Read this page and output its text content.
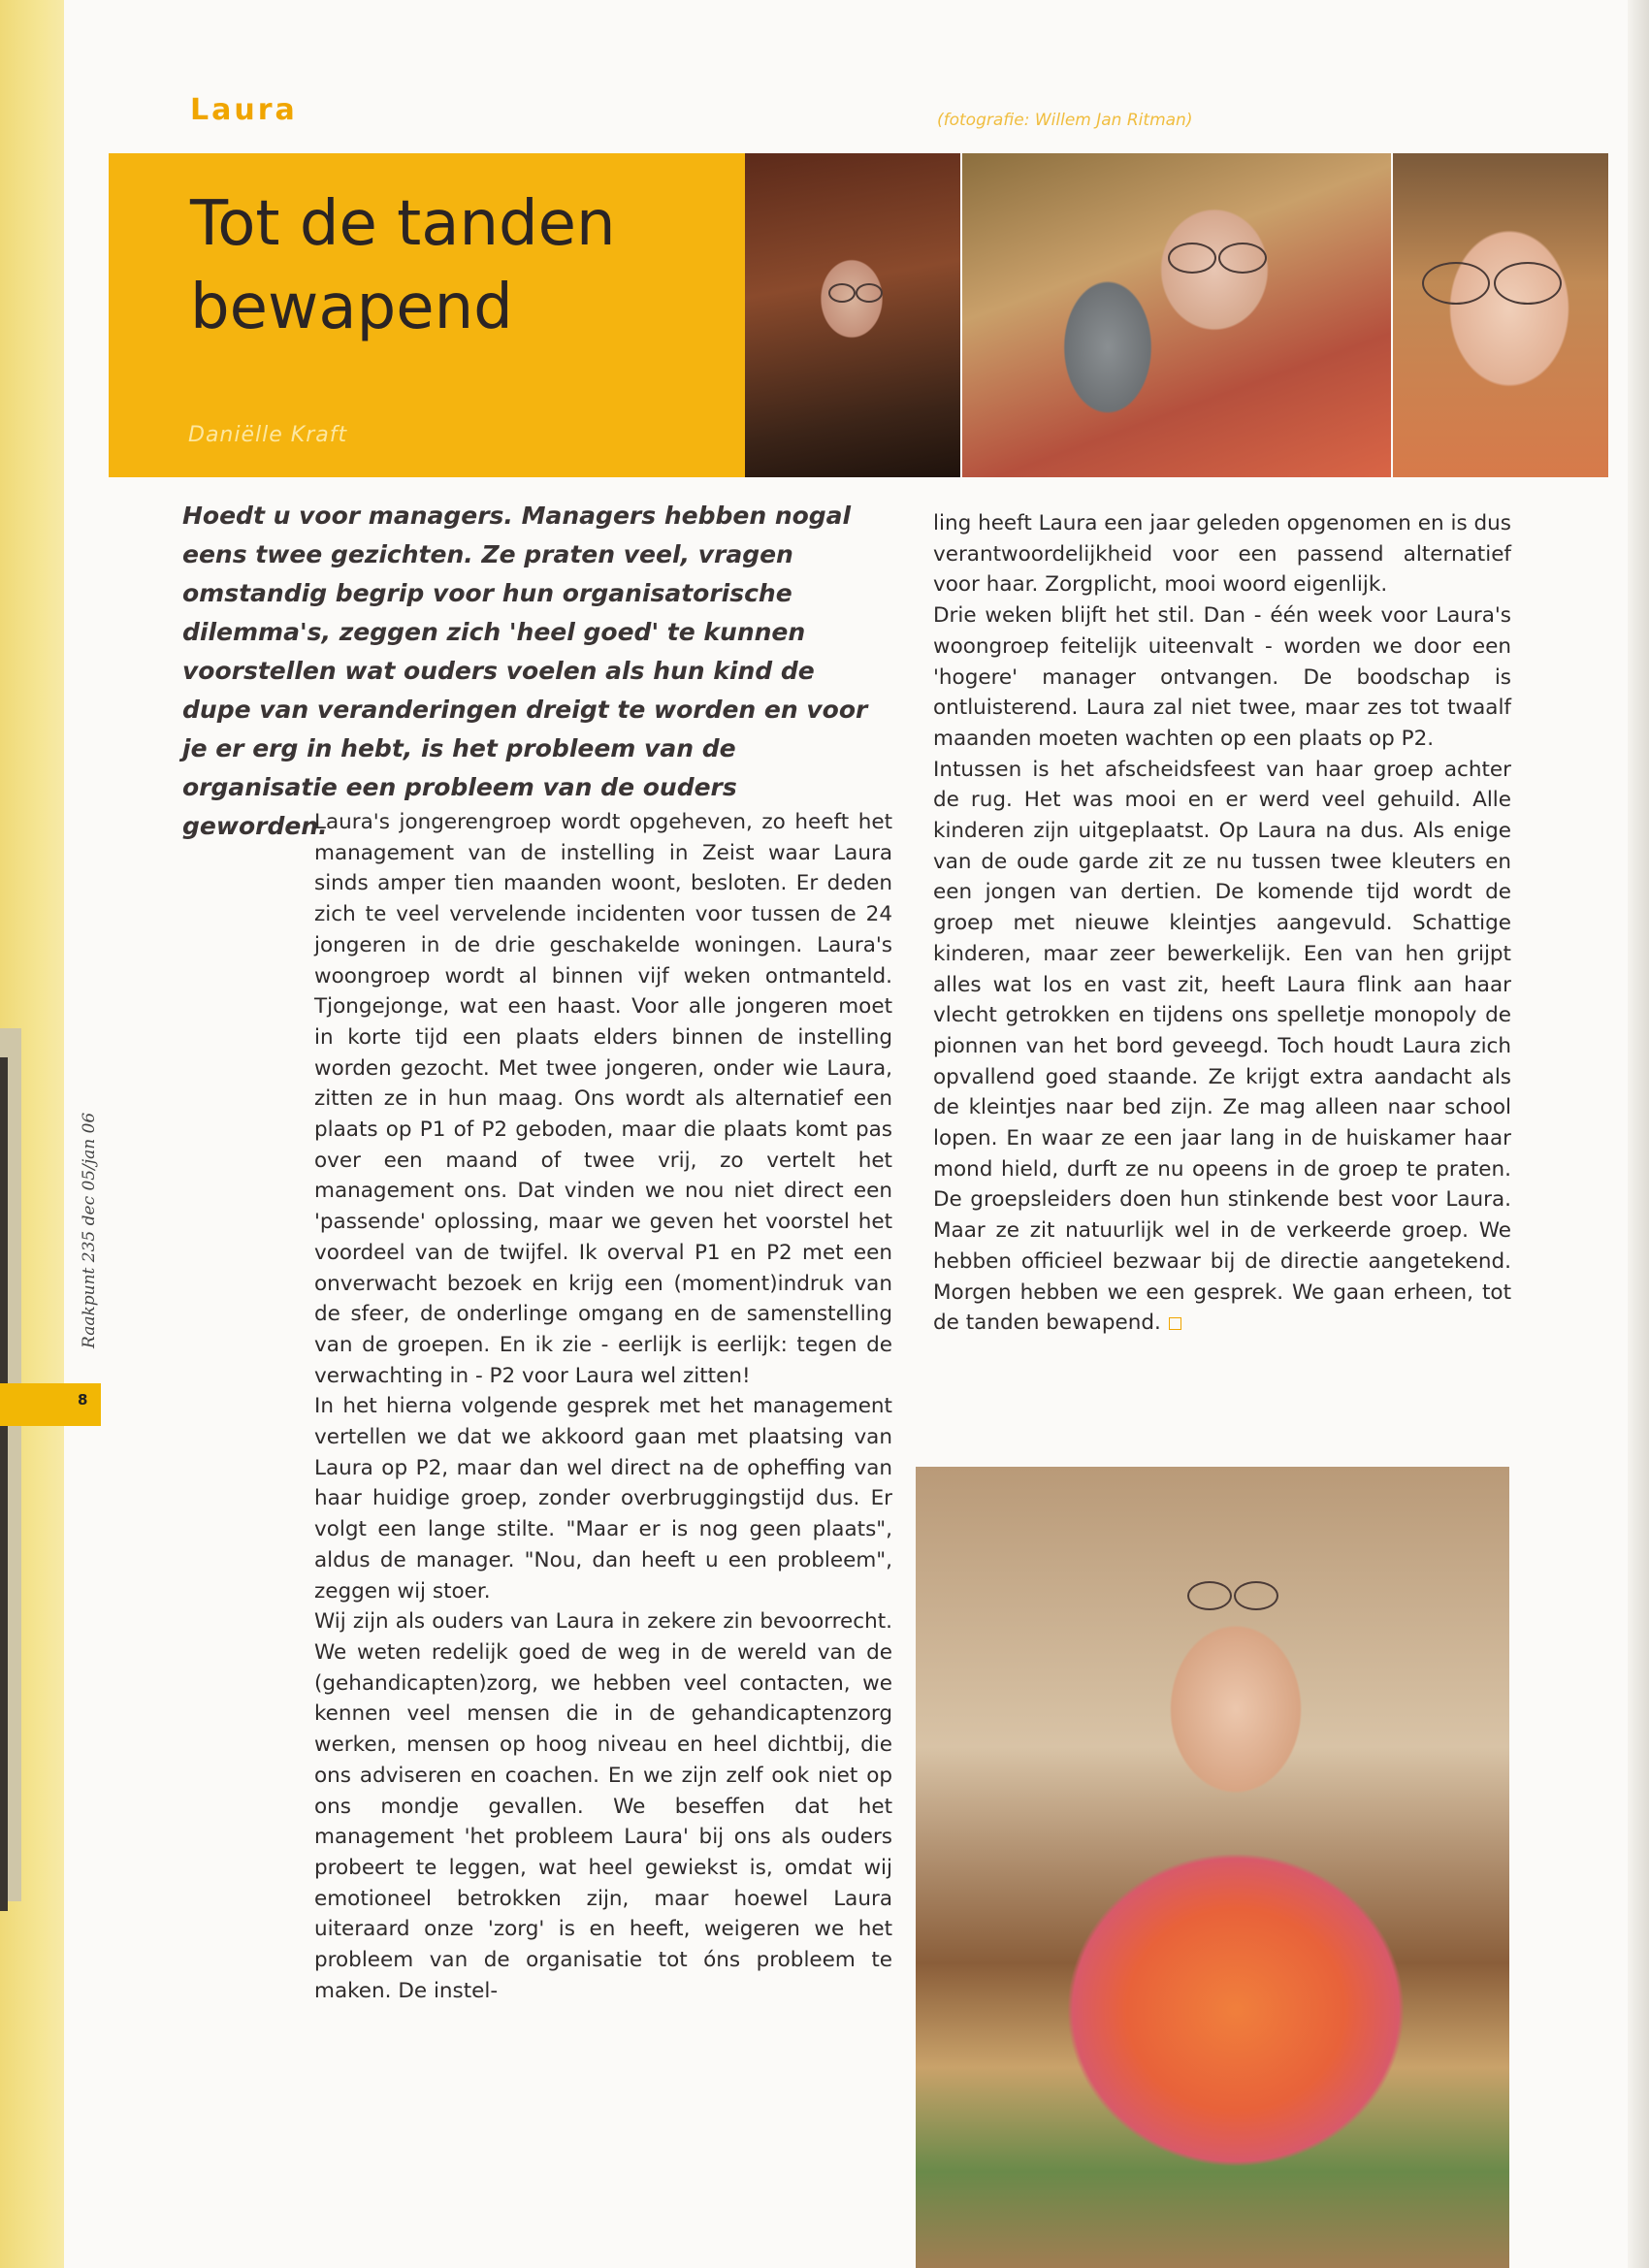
8
Raakpunt 235 dec 05/jan 06
Laura	(fotografie: Willem Jan Ritman)
Tot de tanden bewapend
Daniëlle Kraft

Hoedt u voor managers. Managers hebben nogal eens twee gezichten. Ze praten veel, vragen omstandig begrip voor hun organisatorische dilemma's, zeggen zich 'heel goed' te kunnen voorstellen wat ouders voelen als hun kind de dupe van veranderingen dreigt te worden en voor je er erg in hebt, is het probleem van de organisatie een probleem van de ouders geworden.

Laura's jongerengroep wordt opgeheven, zo heeft het management van de instelling in Zeist waar Laura sinds amper tien maanden woont, besloten. Er deden zich te veel vervelende incidenten voor tussen de 24 jongeren in de drie geschakelde woningen. Laura's woongroep wordt al binnen vijf weken ontmanteld. Tjongejonge, wat een haast. Voor alle jongeren moet in korte tijd een plaats elders binnen de instelling worden gezocht. Met twee jongeren, onder wie Laura, zitten ze in hun maag. Ons wordt als alternatief een plaats op P1 of P2 geboden, maar die plaats komt pas over een maand of twee vrij, zo vertelt het management ons. Dat vinden we nou niet direct een 'passende' oplossing, maar we geven het voorstel het voordeel van de twijfel. Ik overval P1 en P2 met een onverwacht bezoek en krijg een (moment)indruk van de sfeer, de onderlinge omgang en de samenstelling van de groepen. En ik zie - eerlijk is eerlijk: tegen de verwachting in - P2 voor Laura wel zitten!

In het hierna volgende gesprek met het management vertellen we dat we akkoord gaan met plaatsing van Laura op P2, maar dan wel direct na de opheffing van haar huidige groep, zonder overbruggingstijd dus. Er volgt een lange stilte. "Maar er is nog geen plaats", aldus de manager. "Nou, dan heeft u een probleem", zeggen wij stoer.

Wij zijn als ouders van Laura in zekere zin bevoorrecht. We weten redelijk goed de weg in de wereld van de (gehandicapten)zorg, we hebben veel contacten, we kennen veel mensen die in de gehandicaptenzorg werken, mensen op hoog niveau en heel dichtbij, die ons adviseren en coachen. En we zijn zelf ook niet op ons mondje gevallen. We beseffen dat het management 'het probleem Laura' bij ons als ouders probeert te leggen, wat heel gewiekst is, omdat wij emotioneel betrokken zijn, maar hoewel Laura uiteraard onze 'zorg' is en heeft, weigeren we het probleem van de organisatie tot óns probleem te maken. De instel-

ling heeft Laura een jaar geleden opgenomen en is dus verantwoordelijkheid voor een passend alternatief voor haar. Zorgplicht, mooi woord eigenlijk.

Drie weken blijft het stil. Dan - één week voor Laura's woongroep feitelijk uiteenvalt - worden we door een 'hogere' manager ontvangen. De boodschap is ontluisterend. Laura zal niet twee, maar zes tot twaalf maanden moeten wachten op een plaats op P2.

Intussen is het afscheidsfeest van haar groep achter de rug. Het was mooi en er werd veel gehuild. Alle kinderen zijn uitgeplaatst. Op Laura na dus. Als enige van de oude garde zit ze nu tussen twee kleuters en een jongen van dertien. De komende tijd wordt de groep met nieuwe kleintjes aangevuld. Schattige kinderen, maar zeer bewerkelijk. Een van hen grijpt alles wat los en vast zit, heeft Laura flink aan haar vlecht getrokken en tijdens ons spelletje monopoly de pionnen van het bord geveegd. Toch houdt Laura zich opvallend goed staande. Ze krijgt extra aandacht als de kleintjes naar bed zijn. Ze mag alleen naar school lopen. En waar ze een jaar lang in de huiskamer haar mond hield, durft ze nu opeens in de groep te praten. De groepsleiders doen hun stinkende best voor Laura. Maar ze zit natuurlijk wel in de verkeerde groep. We hebben officieel bezwaar bij de directie aangetekend. Morgen hebben we een gesprek. We gaan erheen, tot de tanden bewapend.
